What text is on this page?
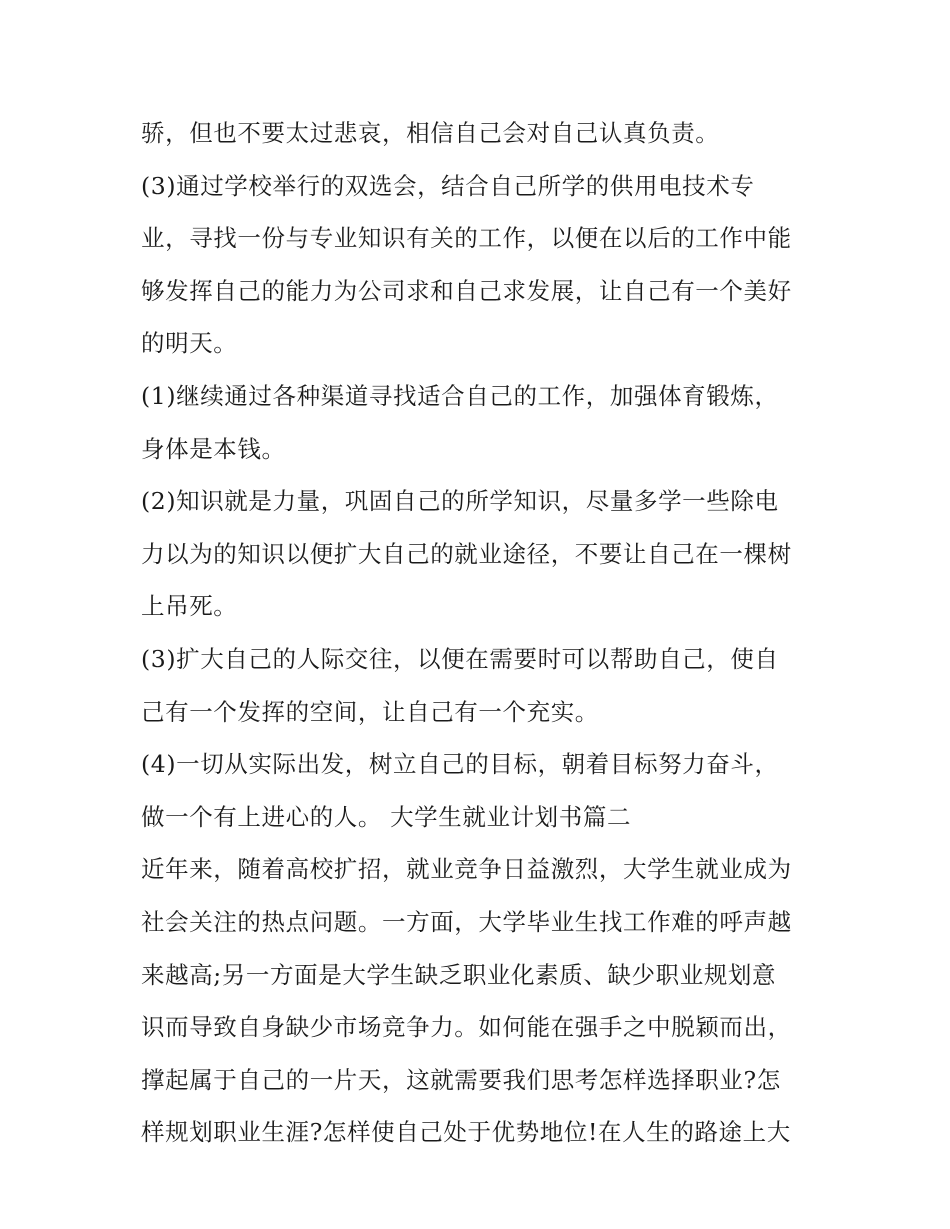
骄，但也不要太过悲哀，相信自己会对自己认真负责。
(3)通过学校举行的双选会，结合自己所学的供用电技术专
业，寻找一份与专业知识有关的工作，以便在以后的工作中能
够发挥自己的能力为公司求和自己求发展，让自己有一个美好
的明天。
(1)继续通过各种渠道寻找适合自己的工作，加强体育锻炼，
身体是本钱。
(2)知识就是力量，巩固自己的所学知识，尽量多学一些除电
力以为的知识以便扩大自己的就业途径，不要让自己在一棵树
上吊死。
(3)扩大自己的人际交往，以便在需要时可以帮助自己，使自
己有一个发挥的空间，让自己有一个充实。
(4)一切从实际出发，树立自己的目标，朝着目标努力奋斗，
做一个有上进心的人。 大学生就业计划书篇二
近年来，随着高校扩招，就业竞争日益激烈，大学生就业成为
社会关注的热点问题。一方面，大学毕业生找工作难的呼声越
来越高;另一方面是大学生缺乏职业化素质、缺少职业规划意
识而导致自身缺少市场竞争力。如何能在强手之中脱颖而出，
撑起属于自己的一片天，这就需要我们思考怎样选择职业?怎
样规划职业生涯?怎样使自己处于优势地位!在人生的路途上大
